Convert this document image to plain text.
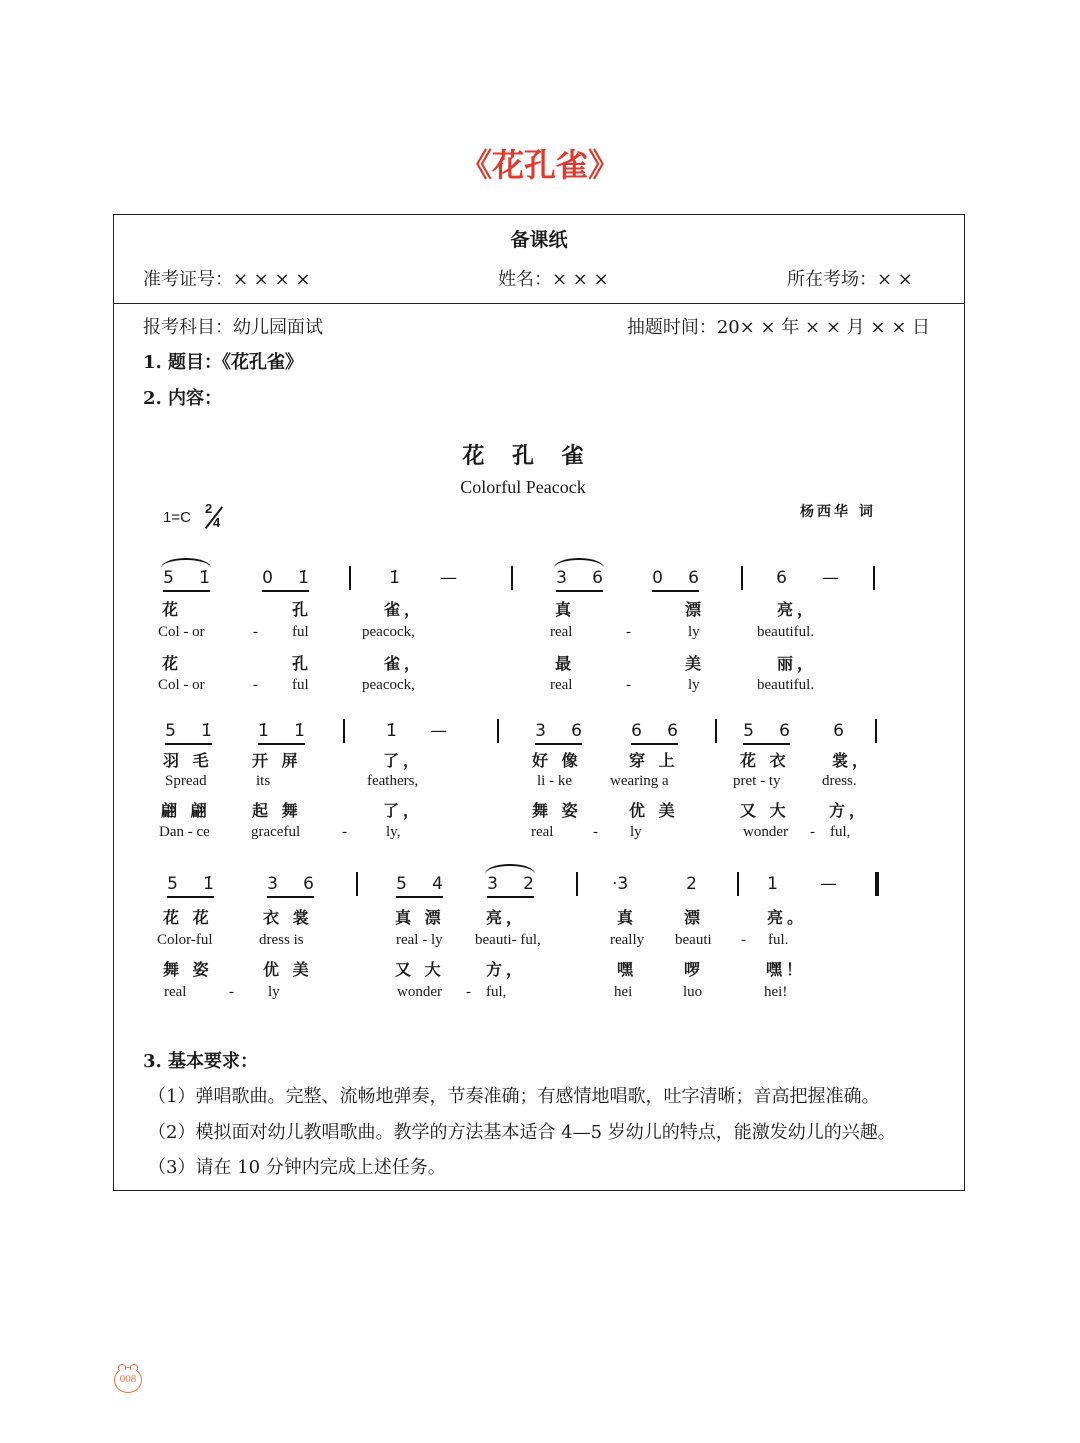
《花孔雀》
备课纸
准考证号：× × × ×	姓名：× × ×	所在考场：× ×
报考科目：幼儿园面试	抽题时间：20× × 年 × × 月 × × 日
1. 题目：《花孔雀》
2. 内容：
花 孔 雀
Colorful Peacock
1=C
2
4
杨西华 词
5 1̇	0 1̇	1̇ —	3 6	0 6	6 —
花	孔	雀，	真	漂	亮，
Col - or	- ful	peacock,	real	-	ly	beautiful.
花	孔	雀，	最	美	丽，
Col - or	- ful	peacock,	real	-	ly	beautiful.
5 1̇	1̇ 1̇	1̇ —	3 6	6 6	5 6	6
羽 毛 开 屏	了，	好 像	穿 上	花 衣	裳，
Spread	its	feathers,	li - ke	wearing a	pret - ty	dress.
翩 翩	起 舞	了，	舞 姿	优 美	又 大 方，
Dan - ce	graceful	-	ly,	real	- ly	wonder - ful,
5 1̇	3 6	5 4	3 2	·3	2	1 —
花 花	衣 裳	真 漂	亮，	真	漂	亮。
Color-ful	dress is	real - ly beauti- ful,	really beauti - ful.
舞 姿	优 美	又 大	方，	嘿	啰	嘿！
real	- ly	wonder - ful,	hei	luo	hei!
3. 基本要求：
（1）弹唱歌曲。完整、流畅地弹奏，节奏准确；有感情地唱歌，吐字清晰；音高把握准确。
（2）模拟面对幼儿教唱歌曲。教学的方法基本适合 4—5 岁幼儿的特点，能激发幼儿的兴趣。
（3）请在 10 分钟内完成上述任务。
008
